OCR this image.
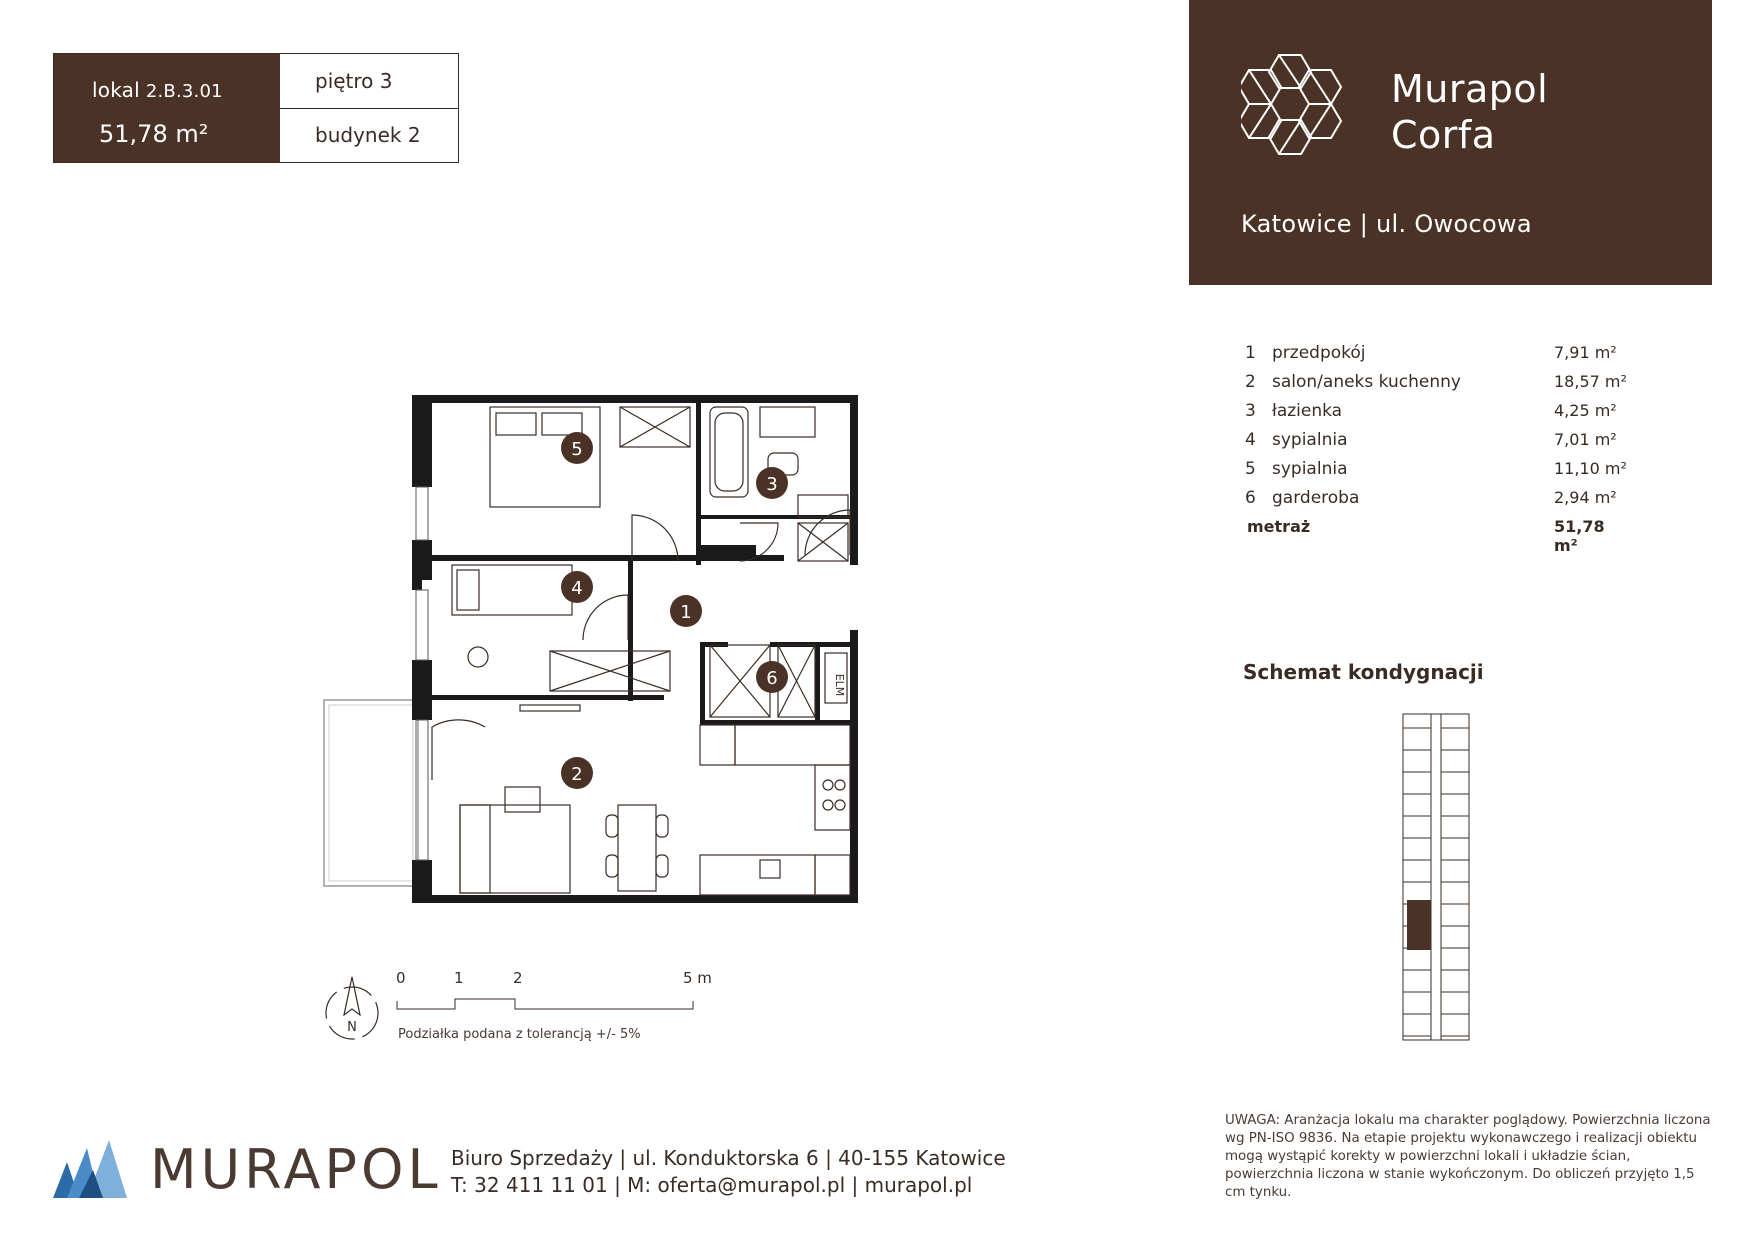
lokal 2.B.3.01
51,78 m²
piętro 3
budynek 2
Murapol
Corfa
Katowice | ul. Owocowa
1 przedpokój	7,91 m²
2 salon/aneks kuchenny	18,57 m²
3 łazienka	4,25 m²
4 sypialnia	7,01 m²
5 sypialnia	11,10 m²
6 garderoba	2,94 m²
metraż	51,78 m²
Schemat kondygnacji
5
4
1
3
6
2
ELM
N
0	1	2	5 m
Podziałka podana z tolerancją +/- 5%
UWAGA: Aranżacja lokalu ma charakter poglądowy. Powierzchnia liczona wg PN-ISO 9836. Na etapie projektu wykonawczego i realizacji obiektu mogą wystąpić korekty w powierzchni lokali i układzie ścian, powierzchnia liczona w stanie wykończonym. Do obliczeń przyjęto 1,5 cm tynku.
MURAPOL Biuro Sprzedaży | ul. Konduktorska 6 | 40-155 Katowice
T: 32 411 11 01 | M: oferta@murapol.pl | murapol.pl
